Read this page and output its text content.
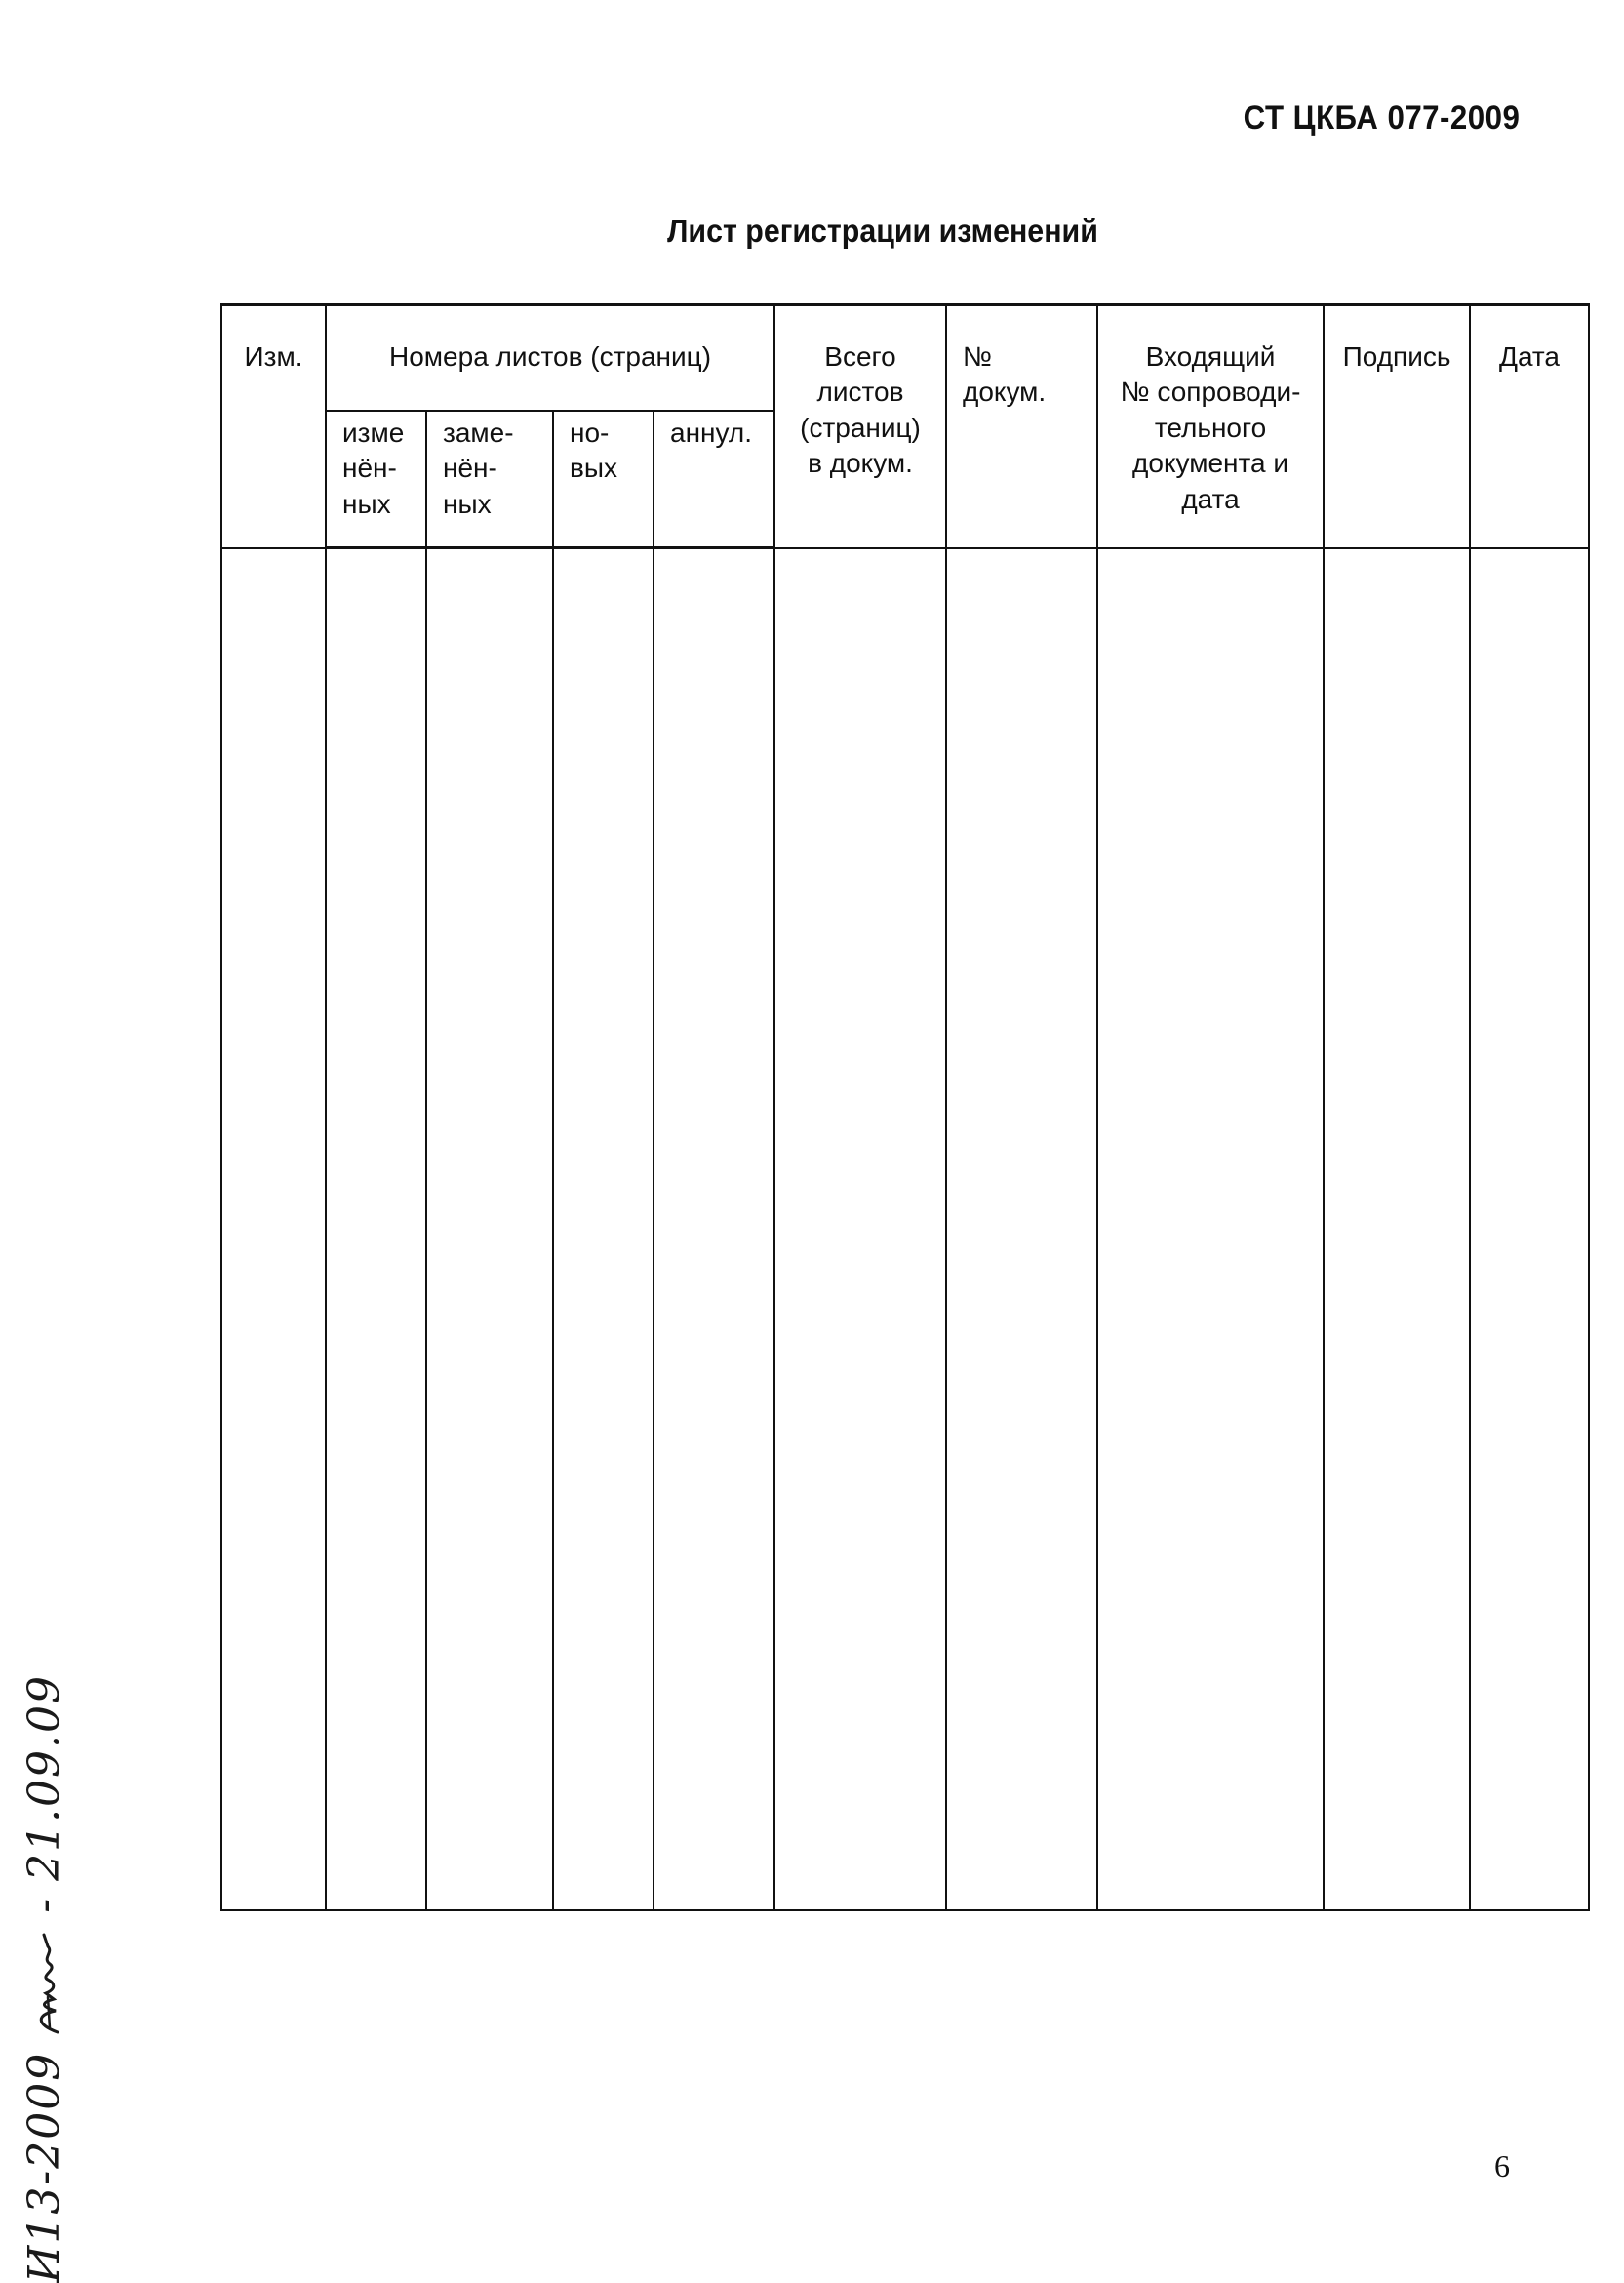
СТ ЦКБА 077-2009
Лист регистрации изменений
Изм.	Номера листов (страниц)				Всего
листов
(страниц)
в докум.	№
докум.	Входящий
№ сопроводи-
тельного
документа и
дата	Подпись	Дата

	изме
нён-
ных	заме-
нён-
ных	но-
вых	аннул.					

6
И13-2009  - 21.09.09
